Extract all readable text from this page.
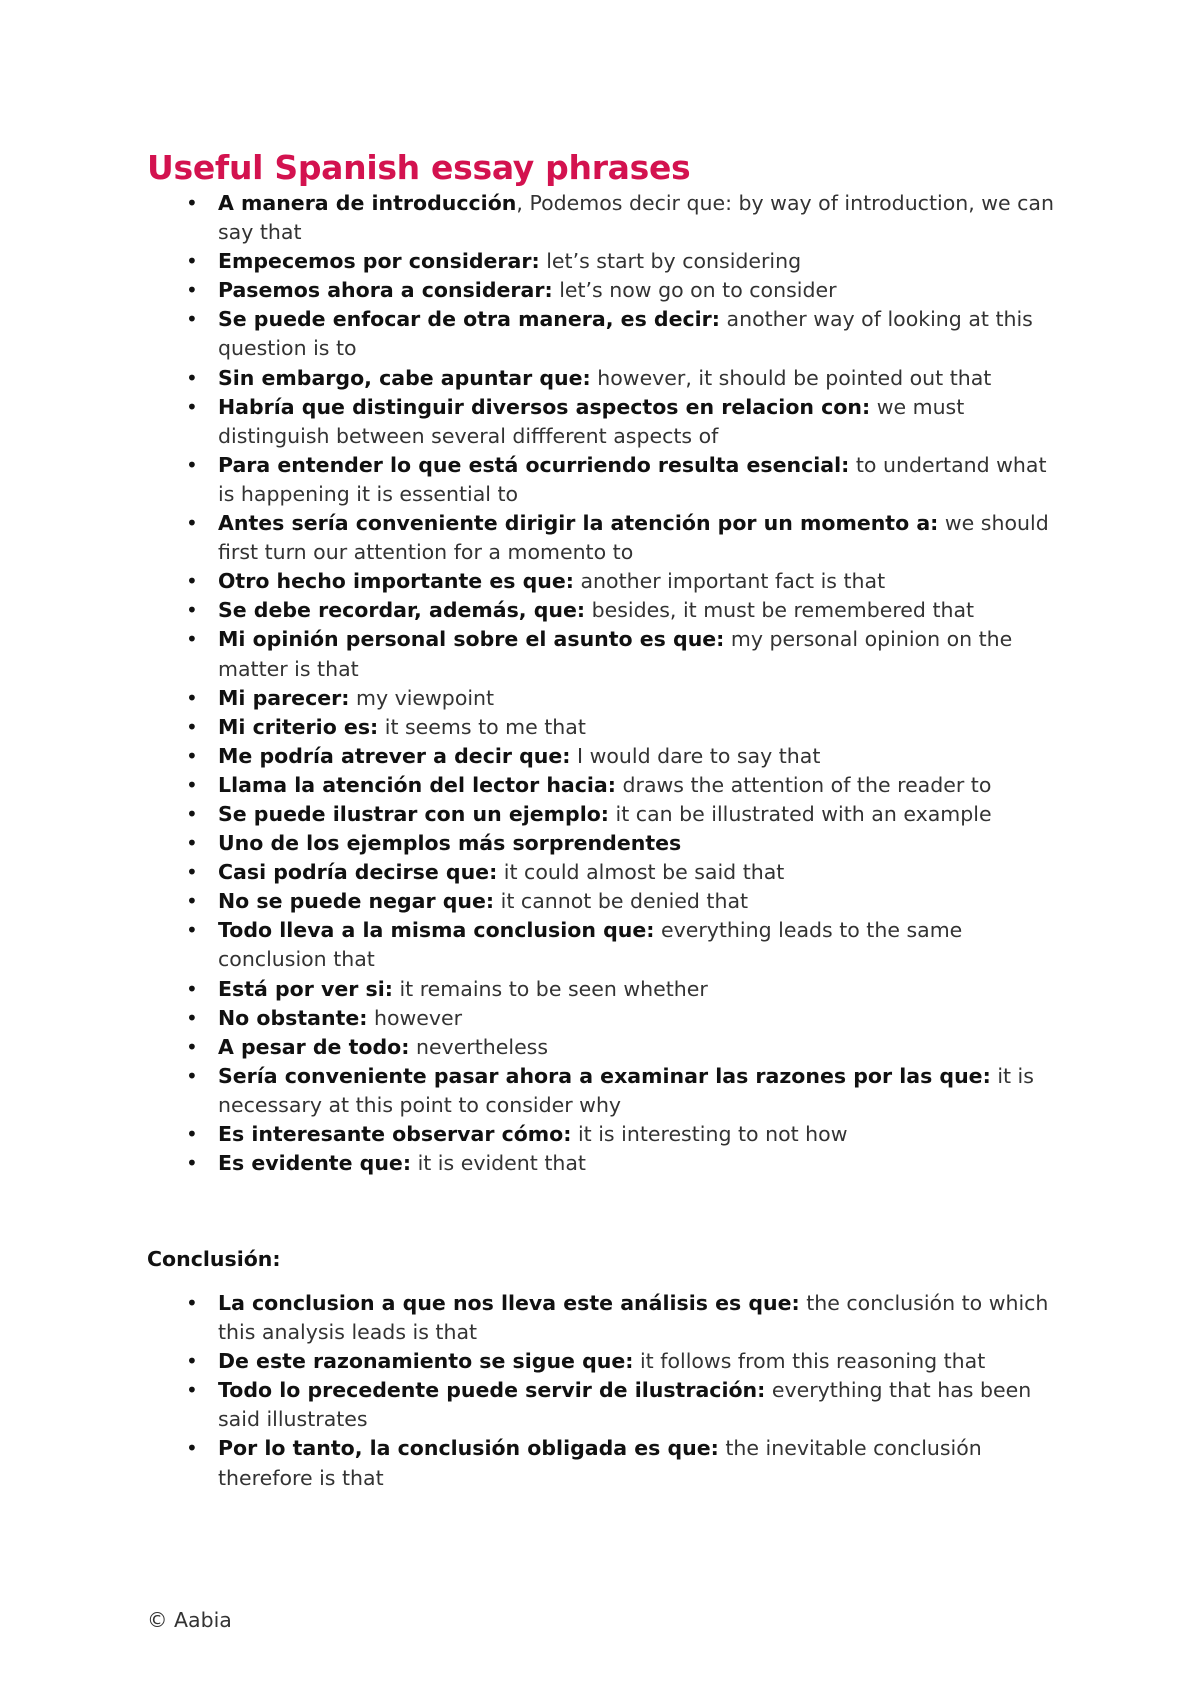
Useful Spanish essay phrases
• A manera de introducción, Podemos decir que: by way of introduction, we can say that
• Empecemos por considerar: let’s start by considering
• Pasemos ahora a considerar: let’s now go on to consider
• Se puede enfocar de otra manera, es decir: another way of looking at this question is to
• Sin embargo, cabe apuntar que: however, it should be pointed out that
• Habría que distinguir diversos aspectos en relacion con: we must distinguish between several diffferent aspects of
• Para entender lo que está ocurriendo resulta esencial: to undertand what is happening it is essential to
• Antes sería conveniente dirigir la atención por un momento a: we should first turn our attention for a momento to
• Otro hecho importante es que: another important fact is that
• Se debe recordar, además, que: besides, it must be remembered that
• Mi opinión personal sobre el asunto es que: my personal opinion on the matter is that
• Mi parecer: my viewpoint
• Mi criterio es: it seems to me that
• Me podría atrever a decir que: I would dare to say that
• Llama la atención del lector hacia: draws the attention of the reader to
• Se puede ilustrar con un ejemplo: it can be illustrated with an example
• Uno de los ejemplos más sorprendentes
• Casi podría decirse que: it could almost be said that
• No se puede negar que: it cannot be denied that
• Todo lleva a la misma conclusion que: everything leads to the same conclusion that
• Está por ver si: it remains to be seen whether
• No obstante: however
• A pesar de todo: nevertheless
• Sería conveniente pasar ahora a examinar las razones por las que: it is necessary at this point to consider why
• Es interesante observar cómo: it is interesting to not how
• Es evidente que: it is evident that
Conclusión:
• La conclusion a que nos lleva este análisis es que: the conclusión to which this analysis leads is that
• De este razonamiento se sigue que: it follows from this reasoning that
• Todo lo precedente puede servir de ilustración: everything that has been said illustrates
• Por lo tanto, la conclusión obligada es que: the inevitable conclusión therefore is that
© Aabia
